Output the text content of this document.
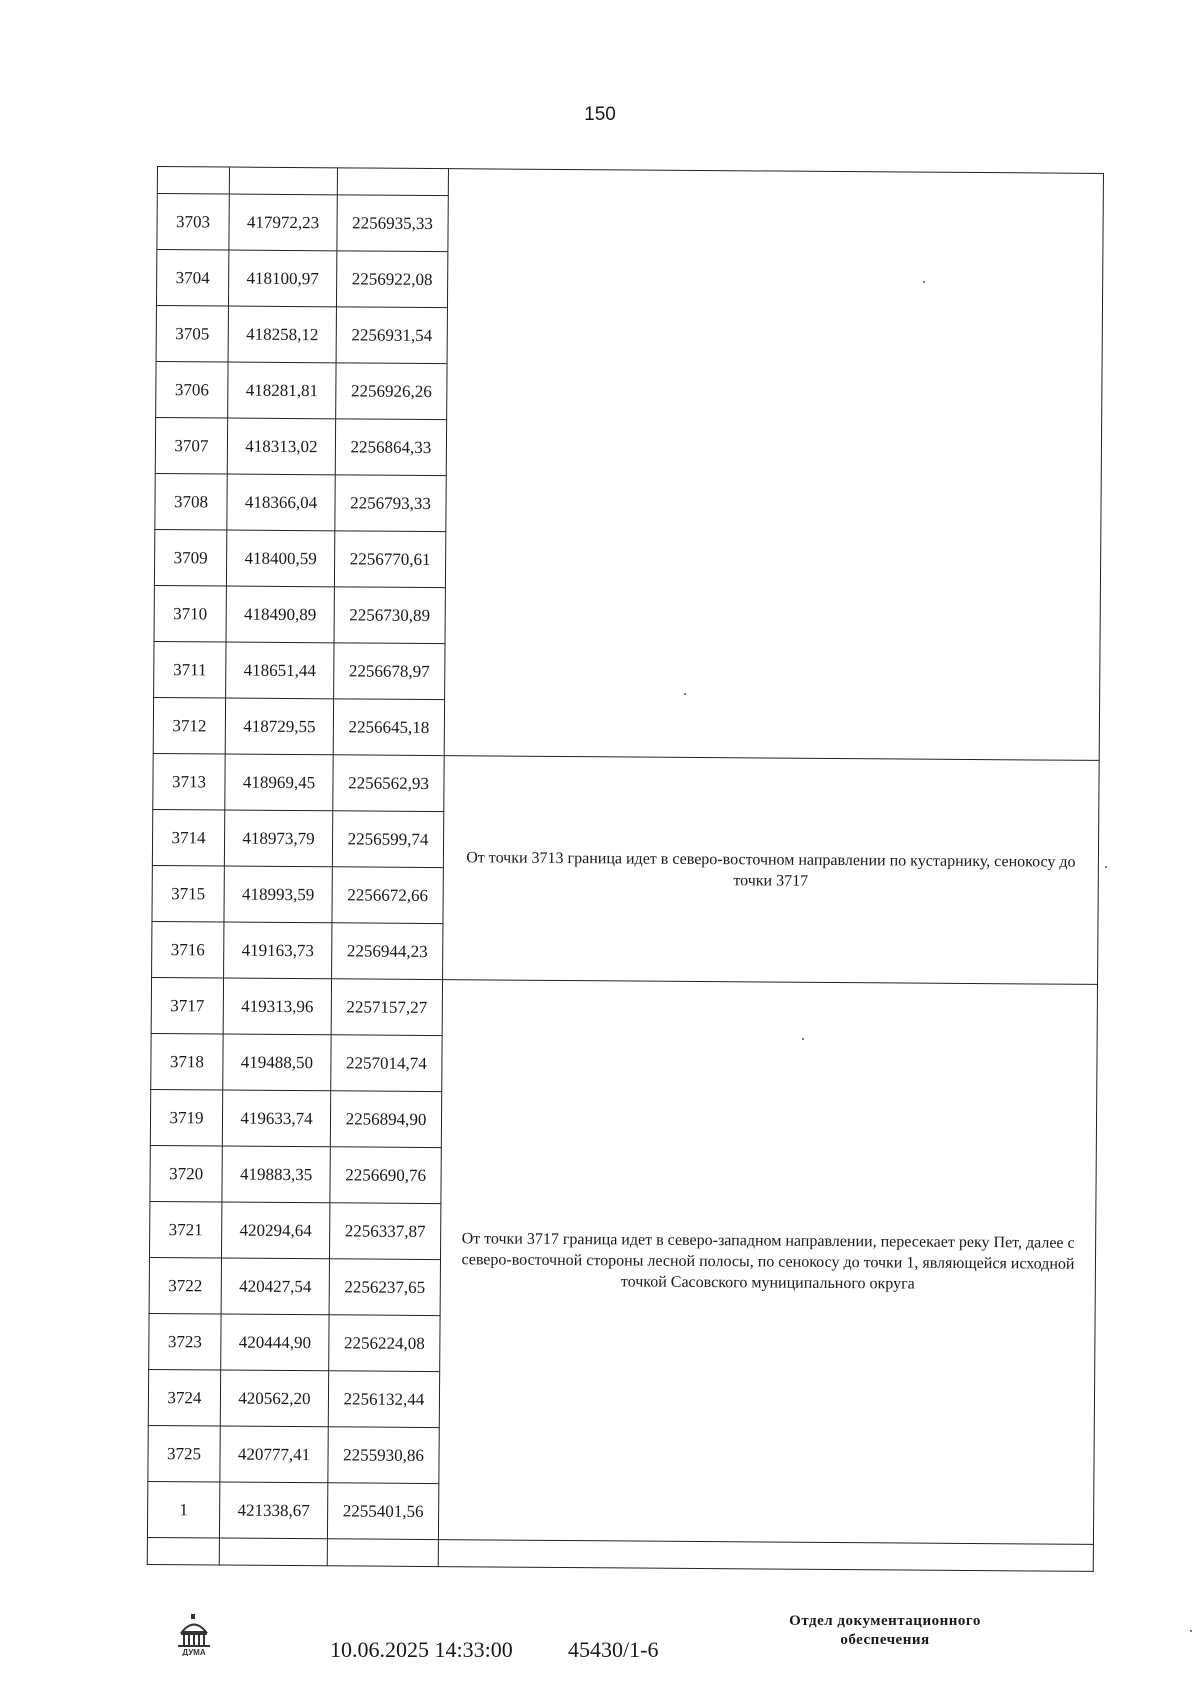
150

3703	417972,23	2256935,33	
3704	418100,97	2256922,08	
3705	418258,12	2256931,54	
3706	418281,81	2256926,26	
3707	418313,02	2256864,33	
3708	418366,04	2256793,33	
3709	418400,59	2256770,61	
3710	418490,89	2256730,89	
3711	418651,44	2256678,97	
3712	418729,55	2256645,18	
3713	418969,45	2256562,93	От точки 3713 граница идет в северо-восточном направлении по кустарнику, сенокосу до точки 3717
3714	418973,79	2256599,74	
3715	418993,59	2256672,66	
3716	419163,73	2256944,23	
3717	419313,96	2257157,27	От точки 3717 граница идет в северо-западном направлении, пересекает реку Пет, далее с северо-восточной стороны лесной полосы, по сенокосу до точки 1, являющейся исходной точкой Сасовского муниципального округа
3718	419488,50	2257014,74	
3719	419633,74	2256894,90	
3720	419883,35	2256690,76	
3721	420294,64	2256337,87	
3722	420427,54	2256237,65	
3723	420444,90	2256224,08	
3724	420562,20	2256132,44	
3725	420777,41	2255930,86	
1	421338,67	2255401,56	

ДУМА	10.06.2025 14:33:00	45430/1-6
Отдел документационного
обеспечения
